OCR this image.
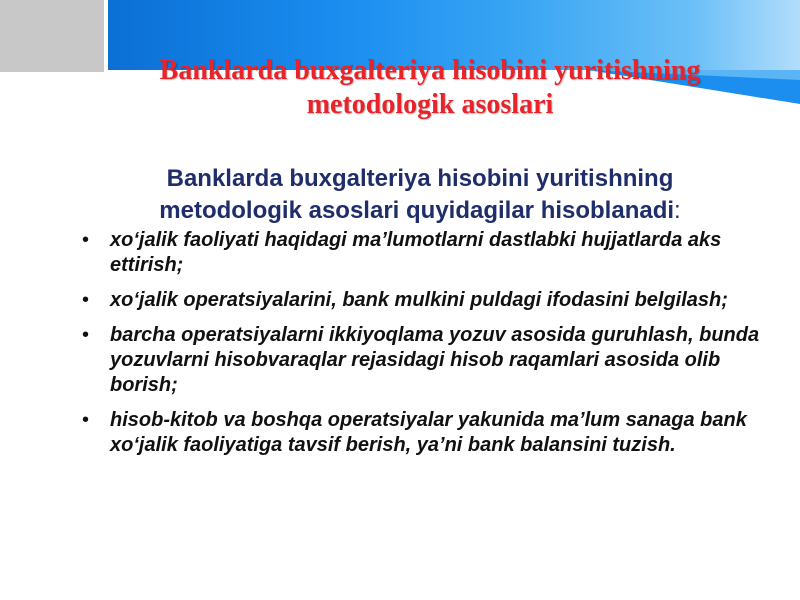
Banklarda buxgalteriya hisobini yuritishning metodologik asoslari
Banklarda buxgalteriya hisobini yuritishning metodologik asoslari quyidagilar hisoblanadi:
• xo‘jalik faoliyati haqidagi ma’lumotlarni dastlabki hujjatlarda aks ettirish;
• xo‘jalik operatsiyalarini, bank mulkini puldagi ifodasini belgilash;
• barcha operatsiyalarni ikkiyoqlama yozuv asosida guruhlash, bunda yozuvlarni hisobvaraqlar rejasidagi hisob raqamlari asosida olib borish;
• hisob-kitob va boshqa operatsiyalar yakunida ma’lum sanaga bank xo‘jalik faoliyatiga tavsif berish, ya’ni bank balansini tuzish.
